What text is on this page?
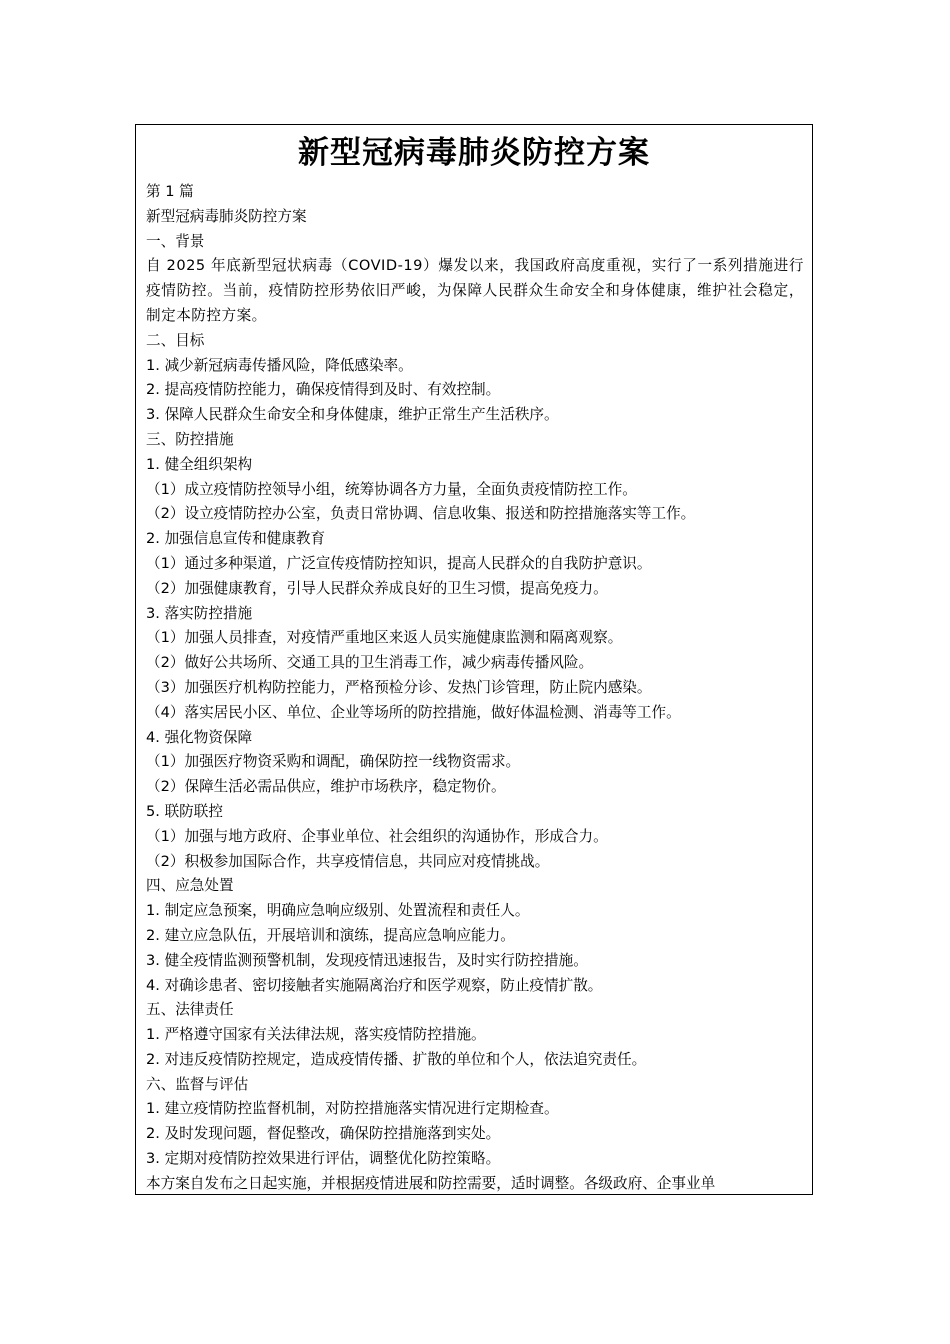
新型冠病毒肺炎防控方案
第 1 篇
新型冠病毒肺炎防控方案
一、背景
自 2025 年底新型冠状病毒（COVID-19）爆发以来，我国政府高度重视，实行了一系列措施进行疫情防控。当前，疫情防控形势依旧严峻，为保障人民群众生命安全和身体健康，维护社会稳定，制定本防控方案。
二、目标
1. 减少新冠病毒传播风险，降低感染率。
2. 提高疫情防控能力，确保疫情得到及时、有效控制。
3. 保障人民群众生命安全和身体健康，维护正常生产生活秩序。
三、防控措施
1. 健全组织架构
（1）成立疫情防控领导小组，统筹协调各方力量，全面负责疫情防控工作。
（2）设立疫情防控办公室，负责日常协调、信息收集、报送和防控措施落实等工作。
2. 加强信息宣传和健康教育
（1）通过多种渠道，广泛宣传疫情防控知识，提高人民群众的自我防护意识。
（2）加强健康教育，引导人民群众养成良好的卫生习惯，提高免疫力。
3. 落实防控措施
（1）加强人员排查，对疫情严重地区来返人员实施健康监测和隔离观察。
（2）做好公共场所、交通工具的卫生消毒工作，减少病毒传播风险。
（3）加强医疗机构防控能力，严格预检分诊、发热门诊管理，防止院内感染。
（4）落实居民小区、单位、企业等场所的防控措施，做好体温检测、消毒等工作。
4. 强化物资保障
（1）加强医疗物资采购和调配，确保防控一线物资需求。
（2）保障生活必需品供应，维护市场秩序，稳定物价。
5. 联防联控
（1）加强与地方政府、企事业单位、社会组织的沟通协作，形成合力。
（2）积极参加国际合作，共享疫情信息，共同应对疫情挑战。
四、应急处置
1. 制定应急预案，明确应急响应级别、处置流程和责任人。
2. 建立应急队伍，开展培训和演练，提高应急响应能力。
3. 健全疫情监测预警机制，发现疫情迅速报告，及时实行防控措施。
4. 对确诊患者、密切接触者实施隔离治疗和医学观察，防止疫情扩散。
五、法律责任
1. 严格遵守国家有关法律法规，落实疫情防控措施。
2. 对违反疫情防控规定，造成疫情传播、扩散的单位和个人，依法追究责任。
六、监督与评估
1. 建立疫情防控监督机制，对防控措施落实情况进行定期检查。
2. 及时发现问题，督促整改，确保防控措施落到实处。
3. 定期对疫情防控效果进行评估，调整优化防控策略。
本方案自发布之日起实施，并根据疫情进展和防控需要，适时调整。各级政府、企事业单
